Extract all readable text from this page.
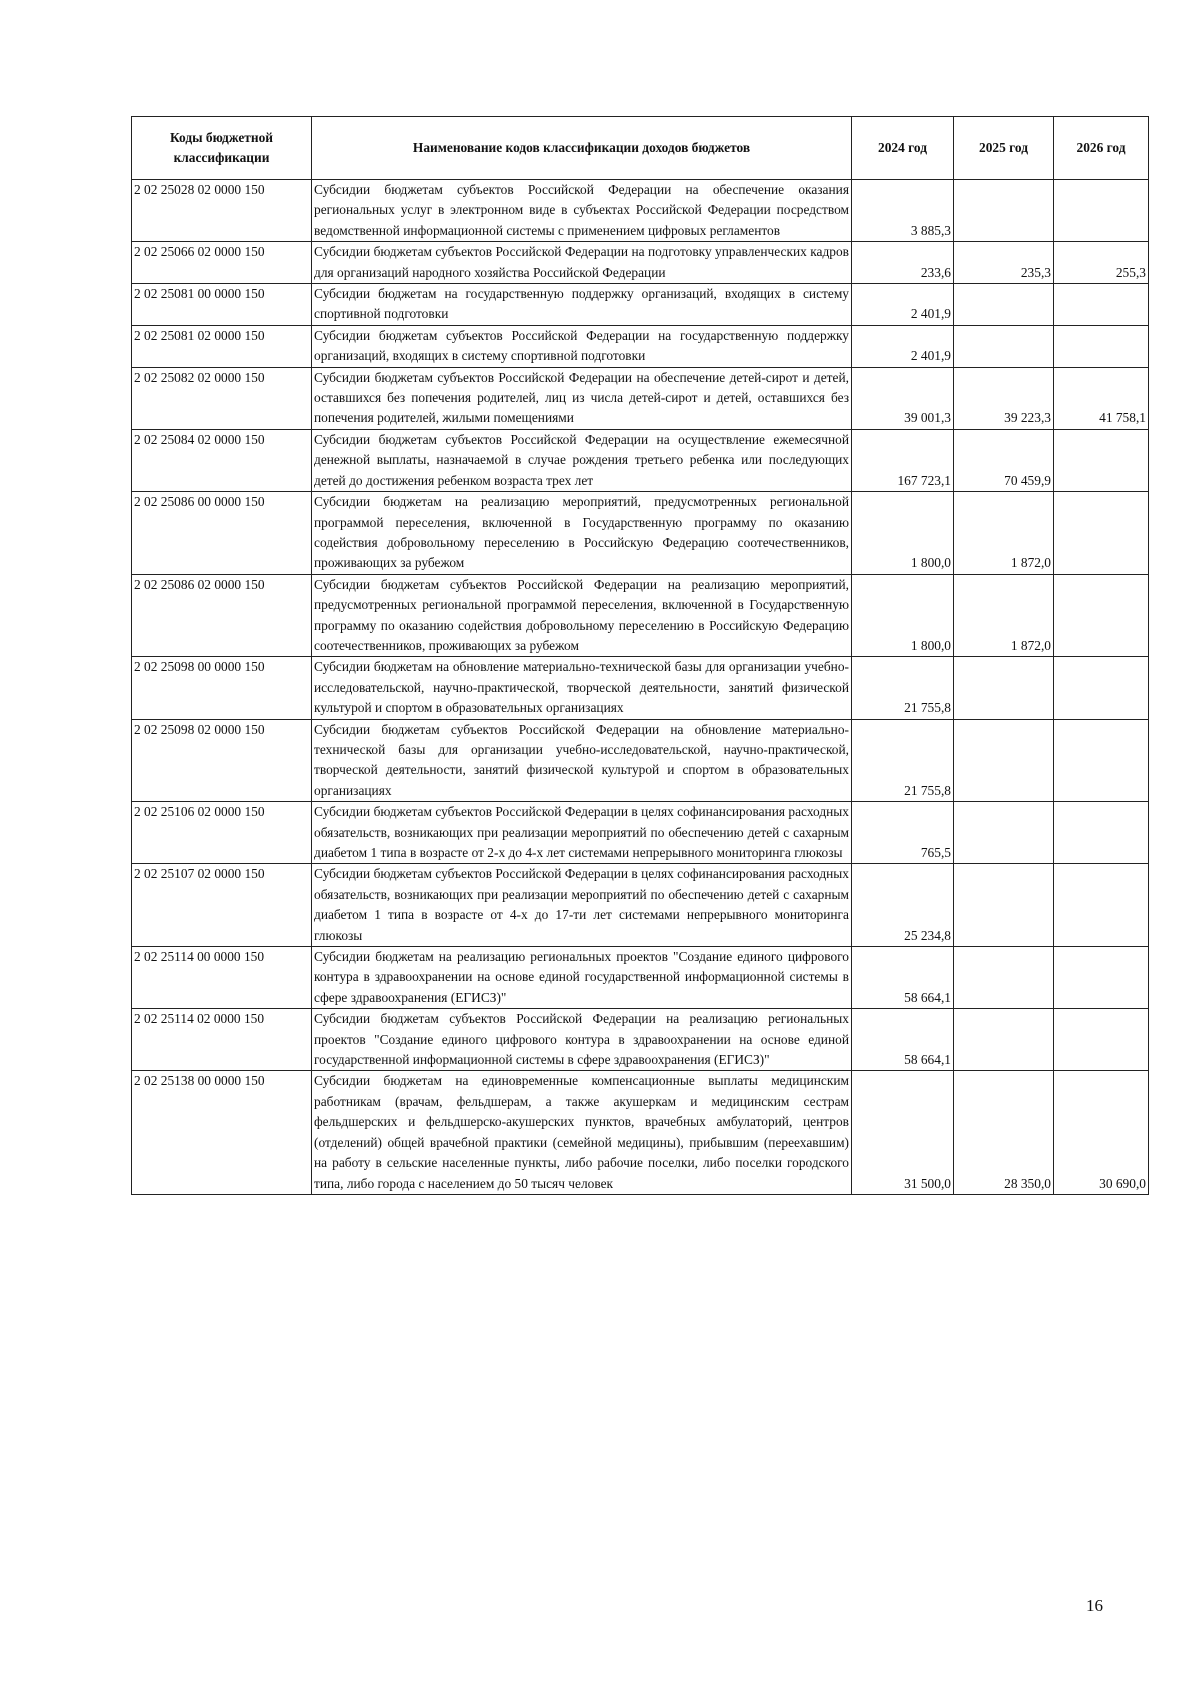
Коды бюджетной классификации	Наименование кодов классификации доходов бюджетов	2024 год	2025 год	2026 год
2 02 25028 02 0000 150	Субсидии бюджетам субъектов Российской Федерации на обеспечение оказания региональных услуг в электронном виде в субъектах Российской Федерации посредством ведомственной информационной системы с применением цифровых регламентов	3 885,3		
2 02 25066 02 0000 150	Субсидии бюджетам субъектов Российской Федерации на подготовку управленческих кадров для организаций народного хозяйства Российской Федерации	233,6	235,3	255,3
2 02 25081 00 0000 150	Субсидии бюджетам на государственную поддержку организаций, входящих в систему спортивной подготовки	2 401,9		
2 02 25081 02 0000 150	Субсидии бюджетам субъектов Российской Федерации на государственную поддержку организаций, входящих в систему спортивной подготовки	2 401,9		
2 02 25082 02 0000 150	Субсидии бюджетам субъектов Российской Федерации на обеспечение детей-сирот и детей, оставшихся без попечения родителей, лиц из числа детей-сирот и детей, оставшихся без попечения родителей, жилыми помещениями	39 001,3	39 223,3	41 758,1
2 02 25084 02 0000 150	Субсидии бюджетам субъектов Российской Федерации на осуществление ежемесячной денежной выплаты, назначаемой в случае рождения третьего ребенка или последующих детей до достижения ребенком возраста трех лет	167 723,1	70 459,9	
2 02 25086 00 0000 150	Субсидии бюджетам на реализацию мероприятий, предусмотренных региональной программой переселения, включенной в Государственную программу по оказанию содействия добровольному переселению в Российскую Федерацию соотечественников, проживающих за рубежом	1 800,0	1 872,0	
2 02 25086 02 0000 150	Субсидии бюджетам субъектов Российской Федерации на реализацию мероприятий, предусмотренных региональной программой переселения, включенной в Государственную программу по оказанию содействия добровольному переселению в Российскую Федерацию соотечественников, проживающих за рубежом	1 800,0	1 872,0	
2 02 25098 00 0000 150	Субсидии бюджетам на обновление материально-технической базы для организации учебно-исследовательской, научно-практической, творческой деятельности, занятий физической культурой и спортом в образовательных организациях	21 755,8		
2 02 25098 02 0000 150	Субсидии бюджетам субъектов Российской Федерации на обновление материально-технической базы для организации учебно-исследовательской, научно-практической, творческой деятельности, занятий физической культурой и спортом в образовательных организациях	21 755,8		
2 02 25106 02 0000 150	Субсидии бюджетам субъектов Российской Федерации в целях софинансирования расходных обязательств, возникающих при реализации мероприятий по обеспечению детей с сахарным диабетом 1 типа в возрасте от 2-х до 4-х лет системами непрерывного мониторинга глюкозы	765,5		
2 02 25107 02 0000 150	Субсидии бюджетам субъектов Российской Федерации в целях софинансирования расходных обязательств, возникающих при реализации мероприятий по обеспечению детей с сахарным диабетом 1 типа в возрасте от 4-х до 17-ти лет системами непрерывного мониторинга глюкозы	25 234,8		
2 02 25114 00 0000 150	Субсидии бюджетам на реализацию региональных проектов "Создание единого цифрового контура в здравоохранении на основе единой государственной информационной системы в сфере здравоохранения (ЕГИСЗ)"	58 664,1		
2 02 25114 02 0000 150	Субсидии бюджетам субъектов Российской Федерации на реализацию региональных проектов "Создание единого цифрового контура в здравоохранении на основе единой государственной информационной системы в сфере здравоохранения (ЕГИСЗ)"	58 664,1		
2 02 25138 00 0000 150	Субсидии бюджетам на единовременные компенсационные выплаты медицинским работникам (врачам, фельдшерам, а также акушеркам и медицинским сестрам фельдшерских и фельдшерско-акушерских пунктов, врачебных амбулаторий, центров (отделений) общей врачебной практики (семейной медицины), прибывшим (переехавшим) на работу в сельские населенные пункты, либо рабочие поселки, либо поселки городского типа, либо города с населением до 50 тысяч человек	31 500,0	28 350,0	30 690,0
16
